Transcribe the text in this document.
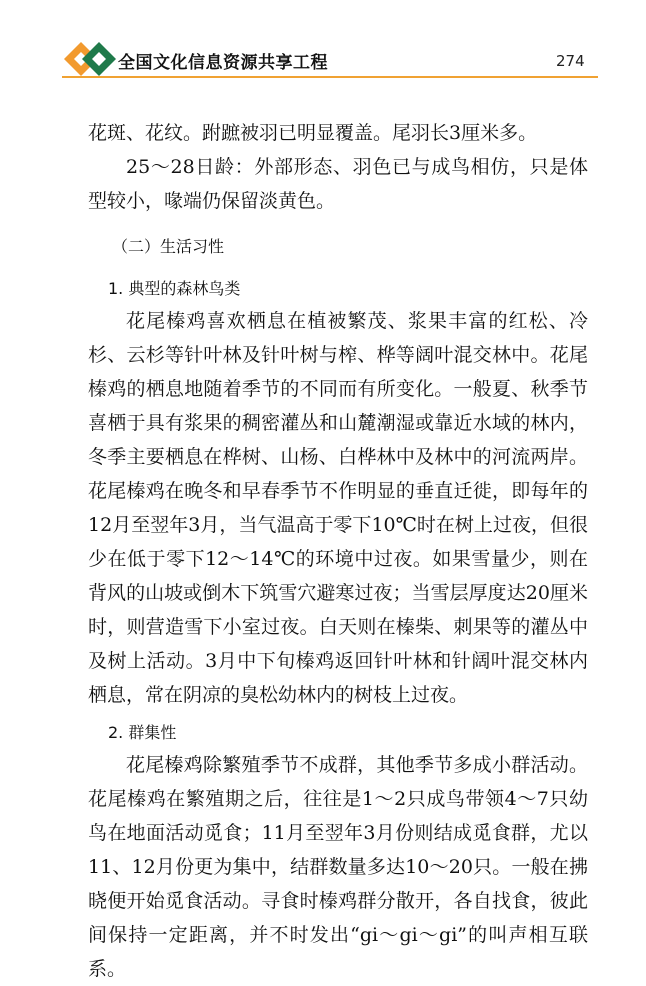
全国文化信息资源共享工程	274

花斑、花纹。跗蹠被羽已明显覆盖。尾羽长3厘米多。

25～28日龄：外部形态、羽色已与成鸟相仿，只是体型较小，喙端仍保留淡黄色。

（二）生活习性
1. 典型的森林鸟类

花尾榛鸡喜欢栖息在植被繁茂、浆果丰富的红松、冷杉、云杉等针叶林及针叶树与榨、桦等阔叶混交林中。花尾榛鸡的栖息地随着季节的不同而有所变化。一般夏、秋季节喜栖于具有浆果的稠密灌丛和山麓潮湿或靠近水域的林内，冬季主要栖息在桦树、山杨、白桦林中及林中的河流两岸。花尾榛鸡在晚冬和早春季节不作明显的垂直迁徙，即每年的12月至翌年3月，当气温高于零下10℃时在树上过夜，但很少在低于零下12～14℃的环境中过夜。如果雪量少，则在背风的山坡或倒木下筑雪穴避寒过夜；当雪层厚度达20厘米时，则营造雪下小室过夜。白天则在榛柴、刺果等的灌丛中及树上活动。3月中下旬榛鸡返回针叶林和针阔叶混交林内栖息，常在阴凉的臭松幼林内的树枝上过夜。

2. 群集性

花尾榛鸡除繁殖季节不成群，其他季节多成小群活动。花尾榛鸡在繁殖期之后，往往是1～2只成鸟带领4～7只幼鸟在地面活动觅食；11月至翌年3月份则结成觅食群，尤以11、12月份更为集中，结群数量多达10～20只。一般在拂晓便开始觅食活动。寻食时榛鸡群分散开，各自找食，彼此间保持一定距离，并不时发出“gi～gi～gi”的叫声相互联系。
